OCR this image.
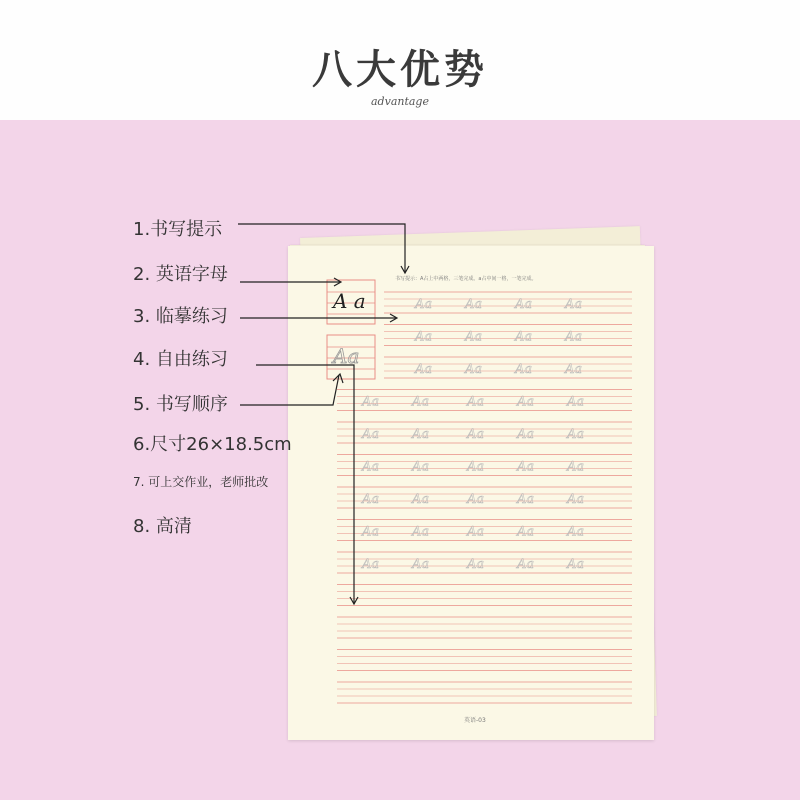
八大优势
advantage
Aa	Aa	Aa	Aa
Aa	Aa	Aa	Aa
Aa	Aa	Aa	Aa
Aa	Aa	Aa	Aa	Aa
Aa	Aa	Aa	Aa	Aa
Aa	Aa	Aa	Aa	Aa
Aa	Aa	Aa	Aa	Aa
Aa	Aa	Aa	Aa	Aa
Aa	Aa	Aa	Aa	Aa
A a
Aa
书写提示：A占上中两格，三笔完成。a占中间一格，一笔完成。
英语-03
1.书写提示
2. 英语字母
3. 临摹练习
4. 自由练习
5. 书写顺序
6.尺寸26×18.5cm
7. 可上交作业，老师批改
8. 高清
